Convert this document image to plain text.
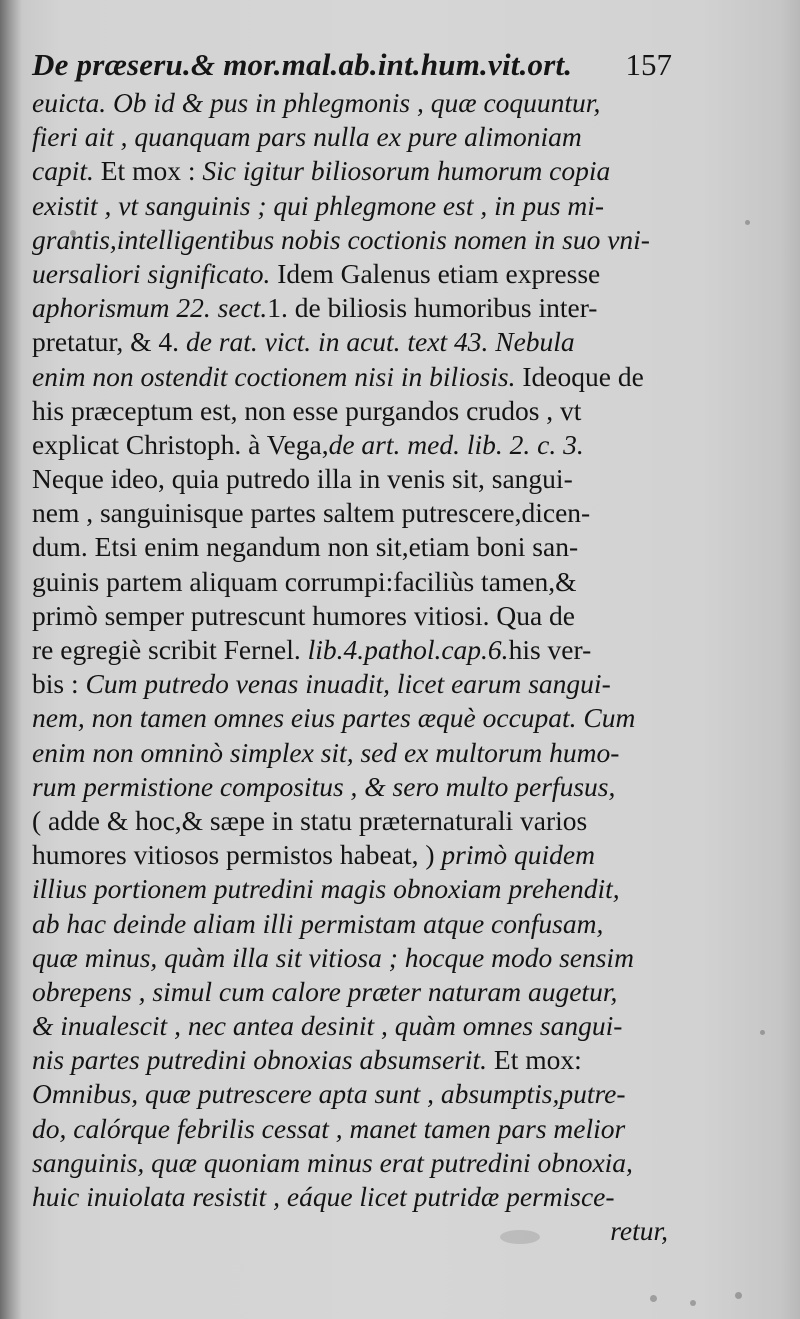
De præseru.& mor.mal.ab.int.hum.vit.ort. 157
euicta. Ob id & pus in phlegmonis , quæ coquuntur,
fieri ait , quanquam pars nulla ex pure alimoniam
capit. Et mox : Sic igitur biliosorum humorum copia
existit , vt sanguinis ; qui phlegmone est , in pus mi-
grantis,intelligentibus nobis coctionis nomen in suo vni-
uersaliori significato. Idem Galenus etiam expresse
aphorismum 22. sect.1. de biliosis humoribus inter-
pretatur, & 4. de rat. vict. in acut. text 43. Nebula
enim non ostendit coctionem nisi in biliosis. Ideoque de
his præceptum est, non esse purgandos crudos , vt
explicat Christoph. à Vega,de art. med. lib. 2. c. 3.
Neque ideo, quia putredo illa in venis sit, sangui-
nem , sanguinisque partes saltem putrescere,dicen-
dum. Etsi enim negandum non sit,etiam boni san-
guinis partem aliquam corrumpi:faciliùs tamen,&
primò semper putrescunt humores vitiosi. Qua de
re egregiè scribit Fernel. lib.4.pathol.cap.6.his ver-
bis : Cum putredo venas inuadit, licet earum sangui-
nem, non tamen omnes eius partes æquè occupat. Cum
enim non omninò simplex sit, sed ex multorum humo-
rum permistione compositus , & sero multo perfusus,
( adde & hoc,& sæpe in statu præternaturali varios
humores vitiosos permistos habeat, ) primò quidem
illius portionem putredini magis obnoxiam prehendit,
ab hac deinde aliam illi permistam atque confusam,
quæ minus, quàm illa sit vitiosa ; hocque modo sensim
obrepens , simul cum calore præter naturam augetur,
& inualescit , nec antea desinit , quàm omnes sangui-
nis partes putredini obnoxias absumserit. Et mox:
Omnibus, quæ putrescere apta sunt , absumptis,putre-
do, calórque febrilis cessat , manet tamen pars melior
sanguinis, quæ quoniam minus erat putredini obnoxia,
huic inuiolata resistit , eáque licet putridæ permisce-
retur,
